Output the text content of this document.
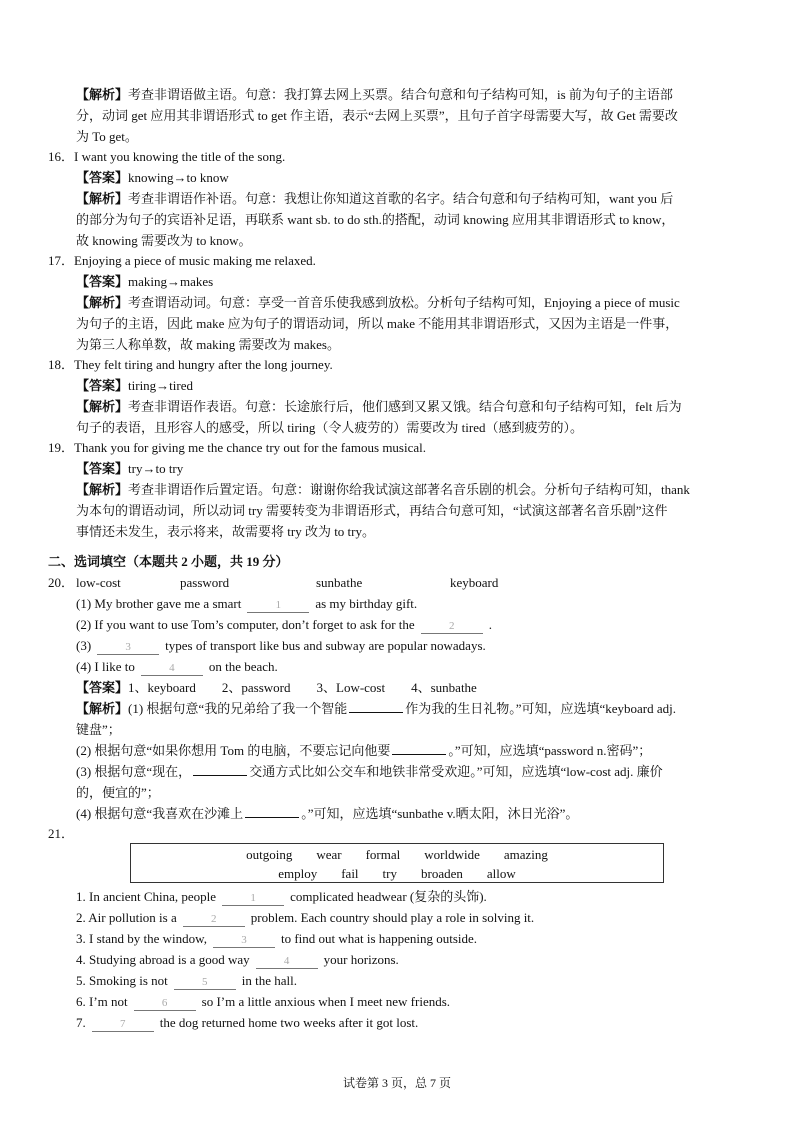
【解析】考查非谓语做主语。句意：我打算去网上买票。结合句意和句子结构可知，is 前为句子的主语部
分，动词 get 应用其非谓语形式 to get 作主语，表示“去网上买票”，且句子首字母需要大写，故 Get 需要改
为 To get。
16．I want you knowing the title of the song.
【答案】knowing→to know
【解析】考查非谓语作补语。句意：我想让你知道这首歌的名字。结合句意和句子结构可知，want you 后
的部分为句子的宾语补足语，再联系 want sb. to do sth.的搭配，动词 knowing 应用其非谓语形式 to know，
故 knowing 需要改为 to know。
17．Enjoying a piece of music making me relaxed.
【答案】making→makes
【解析】考查谓语动词。句意：享受一首音乐使我感到放松。分析句子结构可知，Enjoying a piece of music
为句子的主语，因此 make 应为句子的谓语动词，所以 make 不能用其非谓语形式，又因为主语是一件事，
为第三人称单数，故 making 需要改为 makes。
18．They felt tiring and hungry after the long journey.
【答案】tiring→tired
【解析】考查非谓语作表语。句意：长途旅行后，他们感到又累又饿。结合句意和句子结构可知，felt 后为
句子的表语，且形容人的感受，所以 tiring（令人疲劳的）需要改为 tired（感到疲劳的）。
19．Thank you for giving me the chance try out for the famous musical.
【答案】try→to try
【解析】考查非谓语作后置定语。句意：谢谢你给我试演这部著名音乐剧的机会。分析句子结构可知，thank
为本句的谓语动词，所以动词 try 需要转变为非谓语形式，再结合句意可知，“试演这部著名音乐剧”这件
事情还未发生，表示将来，故需要将 try 改为 to try。
二、选词填空（本题共 2 小题，共 19 分）
20． low-cost	password	sunbathe	keyboard
(1) My brother gave me a smart	1	as my birthday gift.
(2) If you want to use Tom’s computer, don’t forget to ask for the	2	.
(3)	3	types of transport like bus and subway are popular nowadays.
(4) I like to	4	on the beach.
【答案】1、keyboard 2、password 3、Low-cost 4、sunbathe
【解析】(1) 根据句意“我的兄弟给了我一个智能	作为我的生日礼物。”可知，应选填“keyboard adj.
键盘”；
(2) 根据句意“如果你想用 Tom 的电脑，不要忘记向他要	。”可知，应选填“password n.密码”；
(3) 根据句意“现在，	交通方式比如公交车和地铁非常受欢迎。”可知，应选填“low-cost adj. 廉价
的，便宜的”；
(4) 根据句意“我喜欢在沙滩上	。”可知，应选填“sunbathe v.晒太阳，沐日光浴”。
21．
outgoing wear formal worldwide amazing
employ fail try broaden allow
1. In ancient China, people	1	complicated headwear (复杂的头饰).
2. Air pollution is a	2	problem. Each country should play a role in solving it.
3. I stand by the window,	3	to find out what is happening outside.
4. Studying abroad is a good way	4	your horizons.
5. Smoking is not	5	in the hall.
6. I’m not	6	so I’m a little anxious when I meet new friends.
7.	7	the dog returned home two weeks after it got lost.
试卷第 3 页，总 7 页
